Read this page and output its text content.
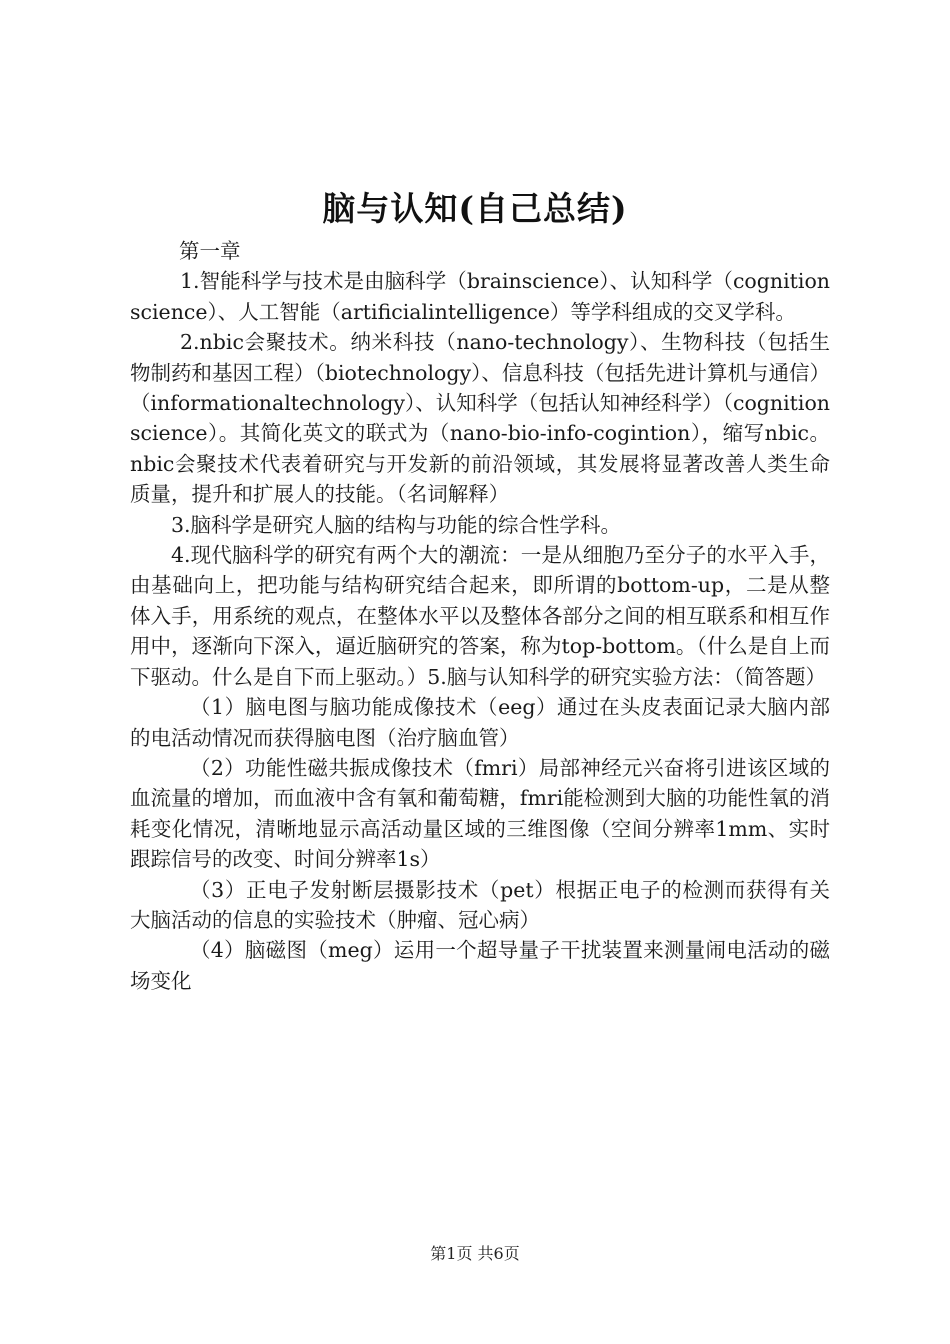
脑与认知(自己总结)

第一章

1.智能科学与技术是由脑科学（brainscience）、认知科学（cognitionscience）、人工智能（artificialintelligence）等学科组成的交叉学科。

2.nbic会聚技术。纳米科技（nano-technology）、生物科技（包括生物制药和基因工程）（biotechnology）、信息科技（包括先进计算机与通信）（informationaltechnology）、认知科学（包括认知神经科学）（cognitionscience）。其简化英文的联式为（nano-bio-info-cogintion），缩写nbic。nbic会聚技术代表着研究与开发新的前沿领域，其发展将显著改善人类生命质量，提升和扩展人的技能。（名词解释）

3.脑科学是研究人脑的结构与功能的综合性学科。

4.现代脑科学的研究有两个大的潮流：一是从细胞乃至分子的水平入手，由基础向上，把功能与结构研究结合起来，即所谓的bottom-up，二是从整体入手，用系统的观点，在整体水平以及整体各部分之间的相互联系和相互作用中，逐渐向下深入，逼近脑研究的答案，称为top-bottom。（什么是自上而下驱动。什么是自下而上驱动。）5.脑与认知科学的研究实验方法：（简答题）

（1）脑电图与脑功能成像技术（eeg）通过在头皮表面记录大脑内部的电活动情况而获得脑电图（治疗脑血管）

（2）功能性磁共振成像技术（fmri）局部神经元兴奋将引进该区域的血流量的增加，而血液中含有氧和葡萄糖，fmri能检测到大脑的功能性氧的消耗变化情况，清晰地显示高活动量区域的三维图像（空间分辨率1mm、实时跟踪信号的改变、时间分辨率1s）

（3）正电子发射断层摄影技术（pet）根据正电子的检测而获得有关大脑活动的信息的实验技术（肿瘤、冠心病）

（4）脑磁图（meg）运用一个超导量子干扰装置来测量闹电活动的磁场变化

第1页 共6页
